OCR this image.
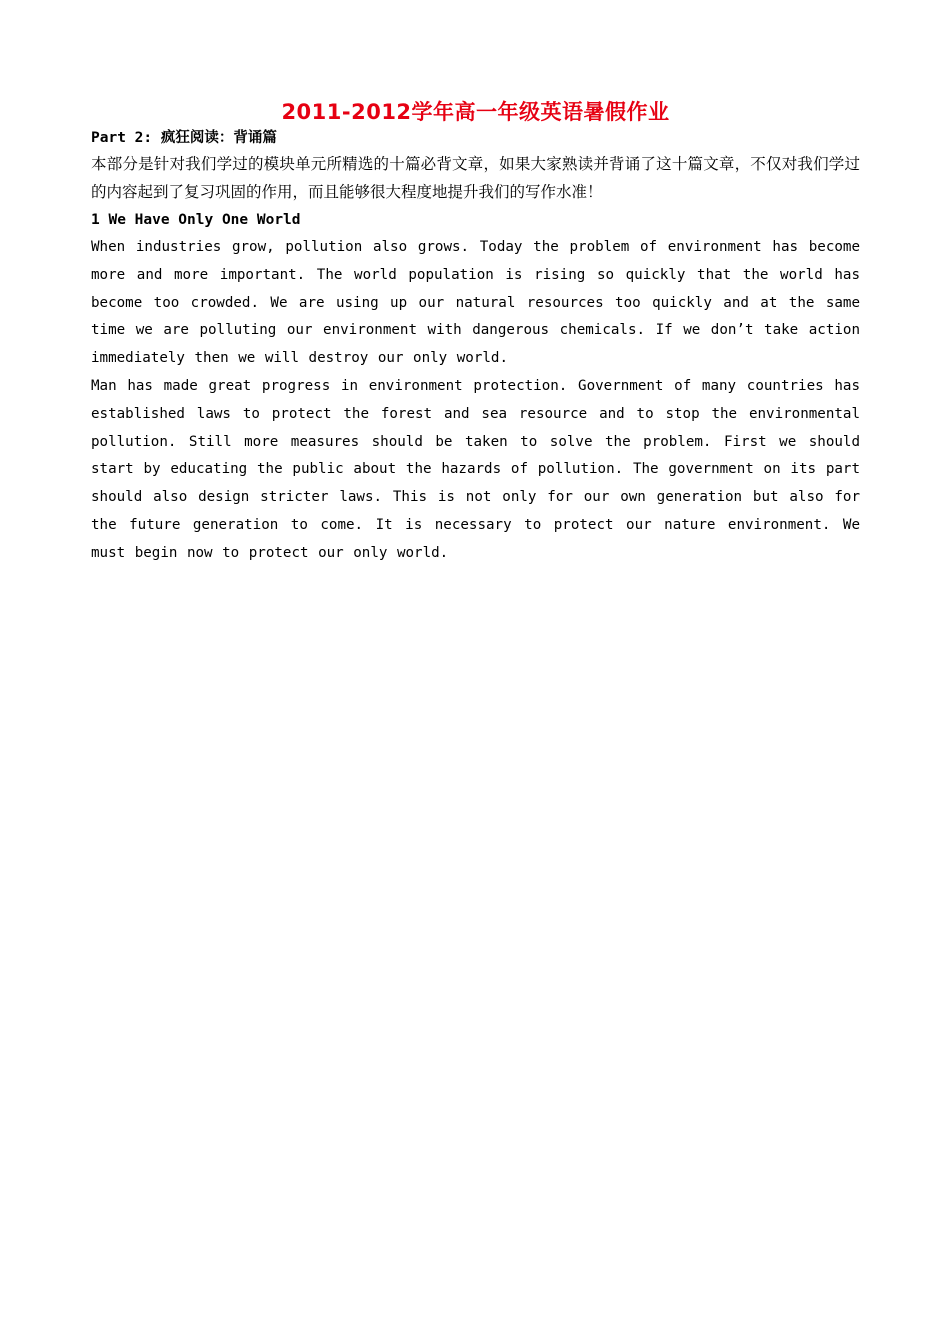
2011-2012学年高一年级英语暑假作业

Part 2: 疯狂阅读：背诵篇

本部分是针对我们学过的模块单元所精选的十篇必背文章，如果大家熟读并背诵了这十篇文章，不仅对我们学过的内容起到了复习巩固的作用，而且能够很大程度地提升我们的写作水准！

1 We Have Only One World

When industries grow, pollution also grows. Today the problem of environment has become more and more important. The world population is rising so quickly that the world has become too crowded. We are using up our natural resources too quickly and at the same time we are polluting our environment with dangerous chemicals. If we don’t take action immediately then we will destroy our only world.

Man has made great progress in environment protection. Government of many countries has established laws to protect the forest and sea resource and to stop the environmental pollution. Still more measures should be taken to solve the problem. First we should start by educating the public about the hazards of pollution. The government on its part should also design stricter laws. This is not only for our own generation but also for the future generation to come. It is necessary to protect our nature environment. We must begin now to protect our only world.
